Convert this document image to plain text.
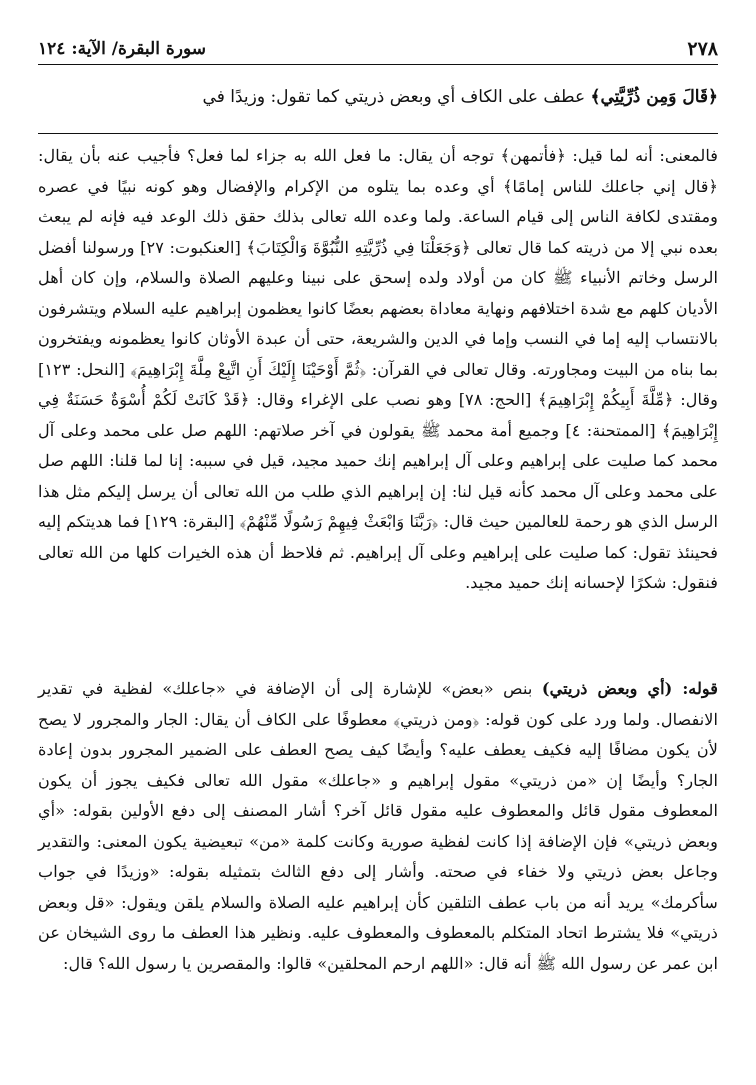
٢٧٨
سورة البقرة/ الآية: ١٢٤
﴿قَالَ وَمِن ذُرِّيَّتِي﴾ عطف على الكاف أي وبعض ذريتي كما تقول: وزيدًا في

فالمعنى: أنه لما قيل: ﴿فأتمهن﴾ توجه أن يقال: ما فعل الله به جزاء لما فعل؟ فأجيب عنه بأن يقال: ﴿قال إني جاعلك للناس إمامًا﴾ أي وعده بما يتلوه من الإكرام والإفضال وهو كونه نبيًا في عصره ومقتدى لكافة الناس إلى قيام الساعة. ولما وعده الله تعالى بذلك حقق ذلك الوعد فيه فإنه لم يبعث بعده نبي إلا من ذريته كما قال تعالى ﴿وَجَعَلْنَا فِي ذُرِّيَّتِهِ النُّبُوَّةَ وَالْكِتَابَ﴾ [العنكبوت: ٢٧] ورسولنا أفضل الرسل وخاتم الأنبياء ﷺ كان من أولاد ولده إسحق على نبينا وعليهم الصلاة والسلام، وإن كان أهل الأديان كلهم مع شدة اختلافهم ونهاية معاداة بعضهم بعضًا كانوا يعظمون إبراهيم عليه السلام ويتشرفون بالانتساب إليه إما في النسب وإما في الدين والشريعة، حتى أن عبدة الأوثان كانوا يعظمونه ويفتخرون بما بناه من البيت ومجاورته. وقال تعالى في القرآن: ﴿ثُمَّ أَوْحَيْنَا إِلَيْكَ أَنِ اتَّبِعْ مِلَّةَ إِبْرَاهِيمَ﴾ [النحل: ١٢٣] وقال: ﴿مِّلَّةَ أَبِيكُمْ إِبْرَاهِيمَ﴾ [الحج: ٧٨] وهو نصب على الإغراء وقال: ﴿قَدْ كَانَتْ لَكُمْ أُسْوَةٌ حَسَنَةٌ فِي إِبْرَاهِيمَ﴾ [الممتحنة: ٤] وجميع أمة محمد ﷺ يقولون في آخر صلاتهم: اللهم صل على محمد وعلى آل محمد كما صليت على إبراهيم وعلى آل إبراهيم إنك حميد مجيد، قيل في سببه: إنا لما قلنا: اللهم صل على محمد وعلى آل محمد كأنه قيل لنا: إن إبراهيم الذي طلب من الله تعالى أن يرسل إليكم مثل هذا الرسل الذي هو رحمة للعالمين حيث قال: ﴿رَبَّنَا وَابْعَثْ فِيهِمْ رَسُولًا مِّنْهُمْ﴾ [البقرة: ١٢٩] فما هديتكم إليه فحينئذ تقول: كما صليت على إبراهيم وعلى آل إبراهيم. ثم فلاحظ أن هذه الخيرات كلها من الله تعالى فنقول: شكرًا لإحسانه إنك حميد مجيد.

قوله: (أي وبعض ذريتي) بنص «بعض» للإشارة إلى أن الإضافة في «جاعلك» لفظية في تقدير الانفصال. ولما ورد على كون قوله: ﴿ومن ذريتي﴾ معطوفًا على الكاف أن يقال: الجار والمجرور لا يصح لأن يكون مضافًا إليه فكيف يعطف عليه؟ وأيضًا كيف يصح العطف على الضمير المجرور بدون إعادة الجار؟ وأيضًا إن «من ذريتي» مقول إبراهيم و «جاعلك» مقول الله تعالى فكيف يجوز أن يكون المعطوف مقول قائل والمعطوف عليه مقول قائل آخر؟ أشار المصنف إلى دفع الأولين بقوله: «أي وبعض ذريتي» فإن الإضافة إذا كانت لفظية صورية وكانت كلمة «من» تبعيضية يكون المعنى: والتقدير وجاعل بعض ذريتي ولا خفاء في صحته. وأشار إلى دفع الثالث بتمثيله بقوله: «وزيدًا في جواب سأكرمك» يريد أنه من باب عطف التلقين كأن إبراهيم عليه الصلاة والسلام يلقن ويقول: «قل وبعض ذريتي» فلا يشترط اتحاد المتكلم بالمعطوف والمعطوف عليه. ونظير هذا العطف ما روى الشيخان عن ابن عمر عن رسول الله ﷺ أنه قال: «اللهم ارحم المحلقين» قالوا: والمقصرين يا رسول الله؟ قال:
